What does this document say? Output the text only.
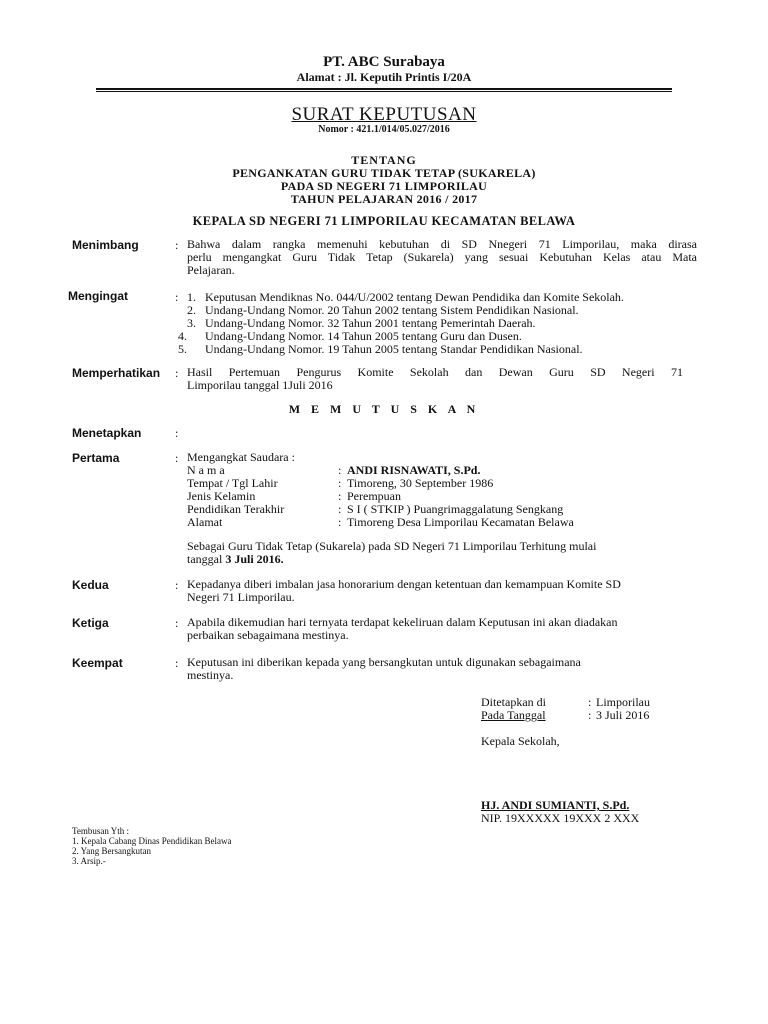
PT. ABC Surabaya
Alamat : Jl. Keputih Printis I/20A
SURAT KEPUTUSAN
Nomor : 421.1/014/05.027/2016
TENTANG
PENGANKATAN GURU TIDAK TETAP (SUKARELA)
PADA SD NEGERI 71 LIMPORILAU
TAHUN PELAJARAN 2016 / 2017
KEPALA SD NEGERI 71 LIMPORILAU KECAMATAN BELAWA
Menimbang	: Bahwa dalam rangka memenuhi kebutuhan di SD Nnegeri 71 Limporilau, maka dirasa
perlu mengangkat Guru Tidak Tetap (Sukarela) yang sesuai Kebutuhan Kelas atau Mata
Pelajaran.
Mengingat	: 1. Keputusan Mendiknas No. 044/U/2002 tentang Dewan Pendidika dan Komite Sekolah.
2. Undang-Undang Nomor. 20 Tahun 2002 tentang Sistem Pendidikan Nasional.
3. Undang-Undang Nomor. 32 Tahun 2001 tentang Pemerintah Daerah.
4. Undang-Undang Nomor. 14 Tahun 2005 tentang Guru dan Dusen.
5. Undang-Undang Nomor. 19 Tahun 2005 tentang Standar Pendidikan Nasional.
Memperhatikan : Hasil Pertemuan Pengurus Komite Sekolah dan Dewan Guru SD Negeri 71
Limporilau tanggal 1Juli 2016
M E M U T U S K A N
Menetapkan	:
Pertama	: Mengangkat Saudara :
N a m a	: ANDI RISNAWATI, S.Pd.
Tempat / Tgl Lahir	: Timoreng, 30 September 1986
Jenis Kelamin	: Perempuan
Pendidikan Terakhir	: S I ( STKIP ) Puangrimaggalatung Sengkang
Alamat	: Timoreng Desa Limporilau Kecamatan Belawa
Sebagai Guru Tidak Tetap (Sukarela) pada SD Negeri 71 Limporilau Terhitung mulai
tanggal 3 Juli 2016.
Kedua	: Kepadanya diberi imbalan jasa honorarium dengan ketentuan dan kemampuan Komite SD
Negeri 71 Limporilau.
Ketiga	: Apabila dikemudian hari ternyata terdapat kekeliruan dalam Keputusan ini akan diadakan
perbaikan sebagaimana mestinya.
Keempat	: Keputusan ini diberikan kepada yang bersangkutan untuk digunakan sebagaimana
mestinya.
Ditetapkan di	: Limporilau
Pada Tanggal	: 3 Juli 2016
Kepala Sekolah,
HJ. ANDI SUMIANTI, S.Pd.
NIP. 19XXXXX 19XXX 2 XXX
Tembusan Yth :
1. Kepala Cabang Dinas Pendidikan Belawa
2. Yang Bersangkutan
3. Arsip.-
